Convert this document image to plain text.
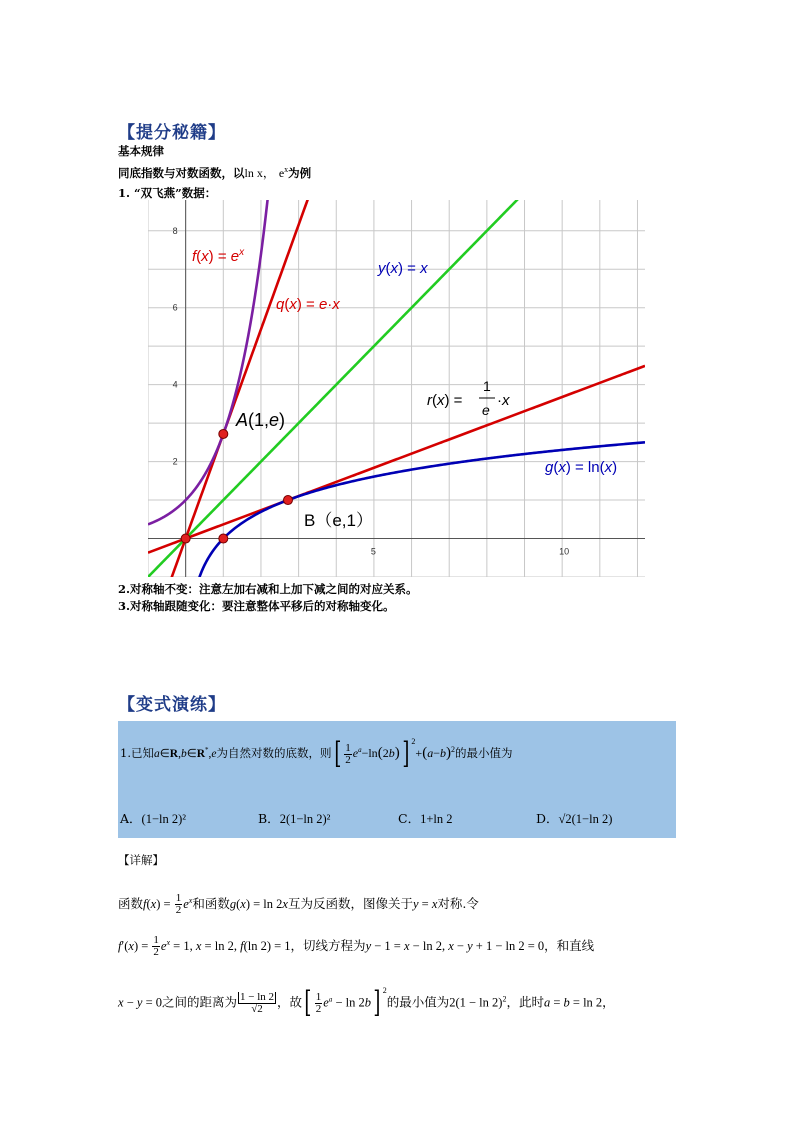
【提分秘籍】
基本规律
同底指数与对数函数，以ln x， $e^x$为例
1. “双飞燕”数据：
5	10
2
4
6
8
$f(x) = e^x$
q(x) = e·x
y(x) = x
r(x) =
1
e
·x
g(x) = ln(x)
A(1,e)
B（e,1）
2.对称轴不变：注意左加右减和上加下减之间的对应关系。
3.对称轴跟随变化：要注意整体平移后的对称轴变化。
【变式演练】
1.已知a∈R,b∈R*,e为自然对数的底数，则[ $\frac{1}{2} e^a-\ln(2b)$] $^2+(a-b)^2$的最小值为
A．(1−ln 2)²	B．2(1−ln 2)²	C．1+ln 2	D．√2(1−ln 2)
【详解】
函数$f(x) = \frac{1}{2} e^x$和函数g(x) = ln 2x互为反函数，图像关于y = x对称.令
$f'(x) = \frac{1}{2} e^x = 1$, x = ln 2, f(ln 2) = 1，切线方程为y − 1 = x − ln 2, x − y + 1 − ln 2 = 0，和直线
x − y = 0之间的距离为 $\frac{1 - \ln 2}{√2}$ ，故[ $\frac{1}{2} e^a - \ln 2b$] $^2$的最小值为$2(1 - \ln 2)^2$，此时a = b = ln 2，
